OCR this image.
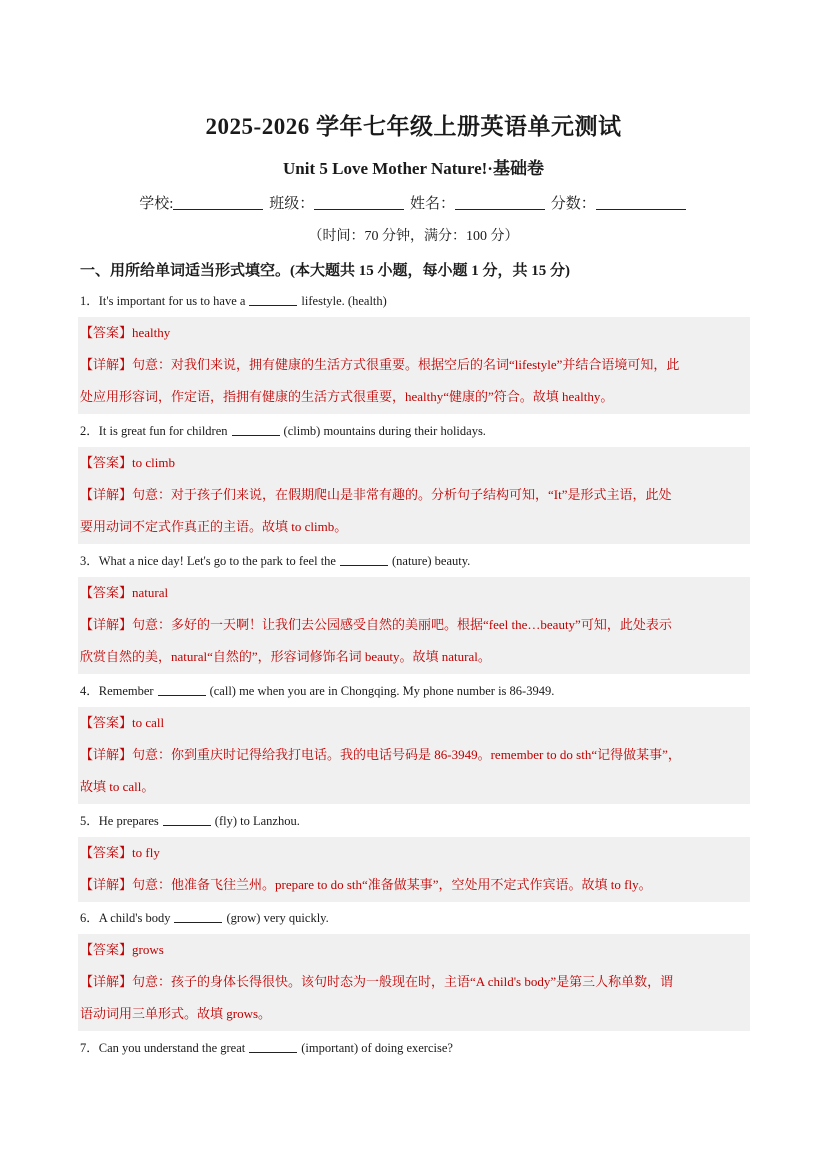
2025-2026 学年七年级上册英语单元测试
Unit 5 Love Mother Nature!·基础卷
学校:	班级：	姓名：	分数：
（时间：70 分钟，满分：100 分）
一、用所给单词适当形式填空。(本大题共 15 小题，每小题 1 分，共 15 分)
1．It's important for us to have a	lifestyle. (health)
【答案】healthy
【详解】句意：对我们来说，拥有健康的生活方式很重要。根据空后的名词“lifestyle”并结合语境可知，此
处应用形容词，作定语，指拥有健康的生活方式很重要，healthy“健康的”符合。故填 healthy。
2．It is great fun for children	(climb) mountains during their holidays.
【答案】to climb
【详解】句意：对于孩子们来说，在假期爬山是非常有趣的。分析句子结构可知，“It”是形式主语，此处
要用动词不定式作真正的主语。故填 to climb。
3．What a nice day! Let's go to the park to feel the	(nature) beauty.
【答案】natural
【详解】句意：多好的一天啊！让我们去公园感受自然的美丽吧。根据“feel the…beauty”可知，此处表示
欣赏自然的美，natural“自然的”，形容词修饰名词 beauty。故填 natural。
4．Remember	(call) me when you are in Chongqing. My phone number is 86-3949.
【答案】to call
【详解】句意：你到重庆时记得给我打电话。我的电话号码是 86-3949。remember to do sth“记得做某事”，
故填 to call。
5．He prepares	(fly) to Lanzhou.
【答案】to fly
【详解】句意：他准备飞往兰州。prepare to do sth“准备做某事”，空处用不定式作宾语。故填 to fly。
6．A child's body	(grow) very quickly.
【答案】grows
【详解】句意：孩子的身体长得很快。该句时态为一般现在时，主语“A child's body”是第三人称单数，谓
语动词用三单形式。故填 grows。
7．Can you understand the great	(important) of doing exercise?
